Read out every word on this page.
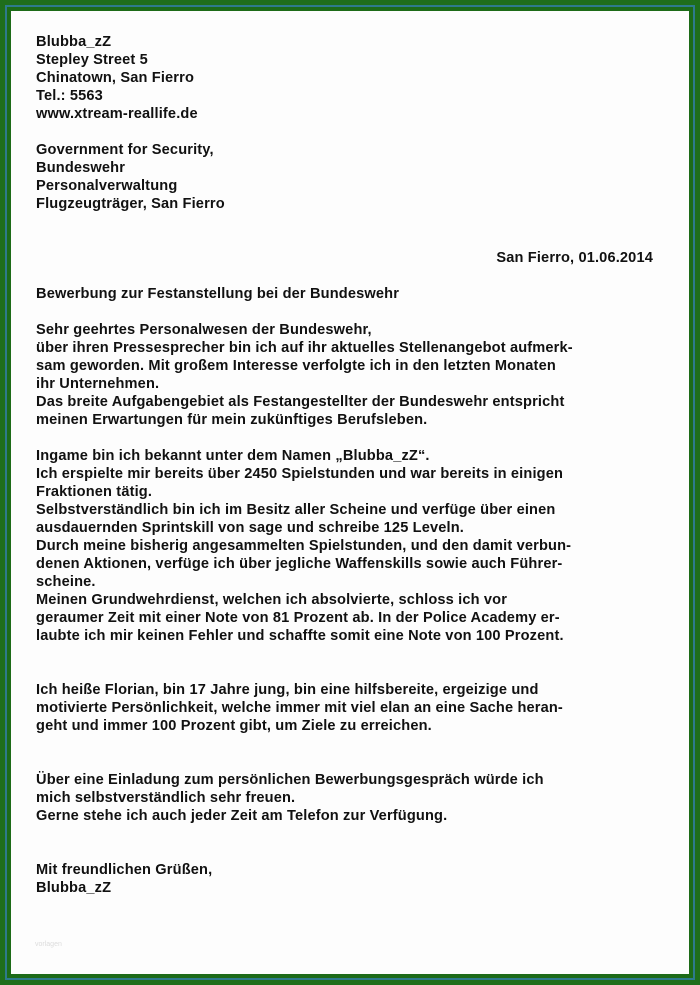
Blubba_zZ
Stepley Street 5
Chinatown, San Fierro
Tel.: 5563
www.xtream-reallife.de
Government for Security,
Bundeswehr
Personalverwaltung
Flugzeugträger, San Fierro
San Fierro, 01.06.2014
Bewerbung zur Festanstellung bei der Bundeswehr
Sehr geehrtes Personalwesen der Bundeswehr,
über ihren Pressesprecher bin ich auf ihr aktuelles Stellenangebot aufmerk-
sam geworden. Mit großem Interesse verfolgte ich in den letzten Monaten
ihr Unternehmen.
Das breite Aufgabengebiet als Festangestellter der Bundeswehr entspricht
meinen Erwartungen für mein zukünftiges Berufsleben.
Ingame bin ich bekannt unter dem Namen „Blubba_zZ“.
Ich erspielte mir bereits über 2450 Spielstunden und war bereits in einigen
Fraktionen tätig.
Selbstverständlich bin ich im Besitz aller Scheine und verfüge über einen
ausdauernden Sprintskill von sage und schreibe 125 Leveln.
Durch meine bisherig angesammelten Spielstunden, und den damit verbun-
denen Aktionen, verfüge ich über jegliche Waffenskills sowie auch Führer-
scheine.
Meinen Grundwehrdienst, welchen ich absolvierte, schloss ich vor
geraumer Zeit mit einer Note von 81 Prozent ab. In der Police Academy er-
laubte ich mir keinen Fehler und schaffte somit eine Note von 100 Prozent.
Ich heiße Florian, bin 17 Jahre jung, bin eine hilfsbereite, ergeizige und
motivierte Persönlichkeit, welche immer mit viel elan an eine Sache heran-
geht und immer 100 Prozent gibt, um Ziele zu erreichen.
Über eine Einladung zum persönlichen Bewerbungsgespräch würde ich
mich selbstverständlich sehr freuen.
Gerne stehe ich auch jeder Zeit am Telefon zur Verfügung.
Mit freundlichen Grüßen,
Blubba_zZ
vorlagen
